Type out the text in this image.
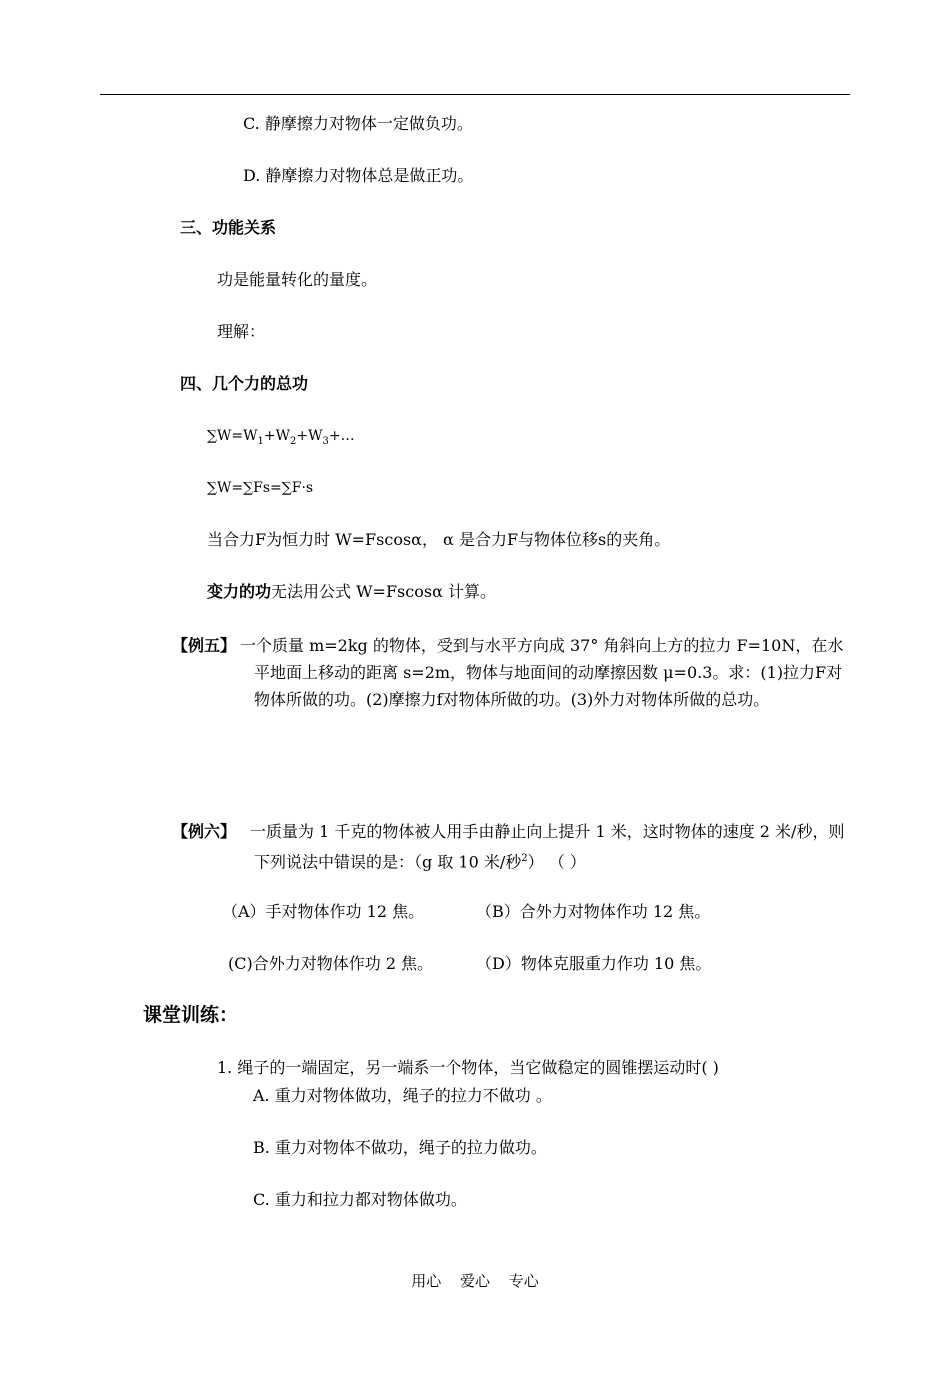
C. 静摩擦力对物体一定做负功。
D. 静摩擦力对物体总是做正功。
三、功能关系
功是能量转化的量度。
理解：
四、几个力的总功
$\sum W=W_1+W_2+W_3+\dots$
∑W=∑Fs=∑F·s
当合力F为恒力时 W=Fscosα， α 是合力F与物体位移s的夹角。
变力的功无法用公式 W=Fscosα 计算。
【例五】 一个质量 m=2kg 的物体，受到与水平方向成 37° 角斜向上方的拉力 F=10N，在水平地面上移动的距离 s=2m，物体与地面间的动摩擦因数 μ=0.3。求：(1)拉力F对物体所做的功。(2)摩擦力f对物体所做的功。(3)外力对物体所做的总功。
【例六】 一质量为 1 千克的物体被人用手由静止向上提升 1 米，这时物体的速度 2 米/秒，则下列说法中错误的是：（g 取 10 米/秒$^2$） （ ）
（A）手对物体作功 12 焦。	（B）合外力对物体作功 12 焦。
(C)合外力对物体作功 2 焦。	（D）物体克服重力作功 10 焦。
课堂训练：
1. 绳子的一端固定，另一端系一个物体，当它做稳定的圆锥摆运动时( )
A. 重力对物体做功，绳子的拉力不做功 。
B. 重力对物体不做功，绳子的拉力做功。
C. 重力和拉力都对物体做功。
用心 爱心 专心
